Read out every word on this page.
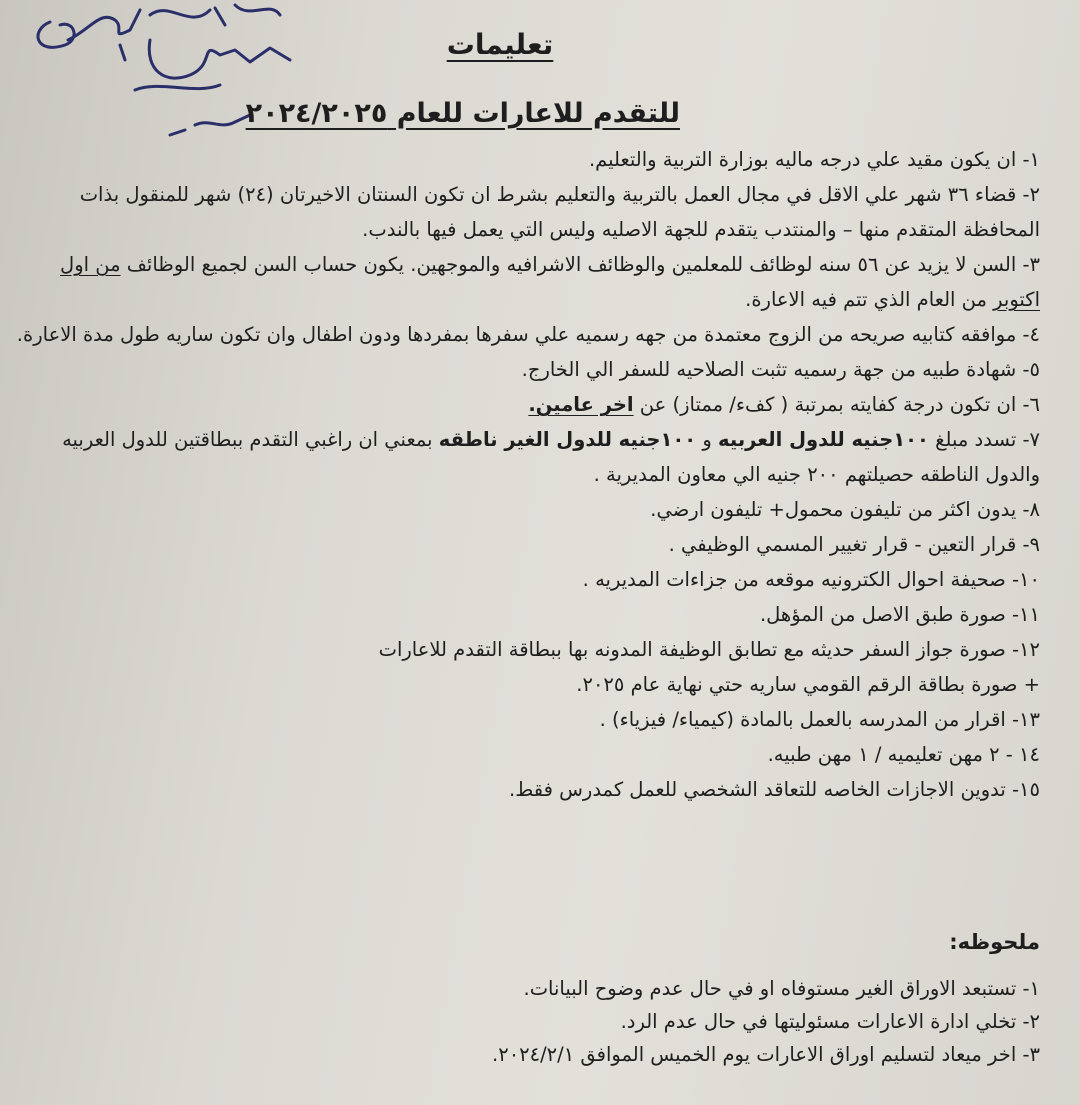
تعليمات
للتقدم للاعارات للعام ٢٠٢٤/٢٠٢٥
١- ان يكون مقيد علي درجه ماليه بوزارة التربية والتعليم.
٢- قضاء ٣٦ شهر علي الاقل في مجال العمل بالتربية والتعليم بشرط ان تكون السنتان الاخيرتان (٢٤) شهر للمنقول بذات المحافظة المتقدم منها – والمنتدب يتقدم للجهة الاصليه وليس التي يعمل فيها بالندب.
٣- السن لا يزيد عن ٥٦ سنه لوظائف للمعلمين والوظائف الاشرافيه والموجهين. يكون حساب السن لجميع الوظائف من اول اكتوبر من العام الذي تتم فيه الاعارة.
٤- موافقه كتابيه صريحه من الزوج معتمدة من جهه رسميه علي سفرها بمفردها ودون اطفال وان تكون ساريه طول مدة الاعارة.
٥- شهادة طبيه من جهة رسميه تثبت الصلاحيه للسفر الي الخارج.
٦- ان تكون درجة كفايته بمرتبة ( كفء/ ممتاز) عن اخر عامين.
٧- تسدد مبلغ ١٠٠جنيه للدول العربيه و ١٠٠جنيه للدول الغير ناطقه بمعني ان راغبي التقدم ببطاقتين للدول العربيه والدول الناطقه حصيلتهم ٢٠٠ جنيه الي معاون المديرية .
٨- يدون اكثر من تليفون محمول+ تليفون ارضي.
٩- قرار التعين - قرار تغيير المسمي الوظيفي .
١٠- صحيفة احوال الكترونيه موقعه من جزاءات المديريه .
١١- صورة طبق الاصل من المؤهل.
١٢- صورة جواز السفر حديثه مع تطابق الوظيفة المدونه بها ببطاقة التقدم للاعارات
+ صورة بطاقة الرقم القومي ساريه حتي نهاية عام ٢٠٢٥.
١٣- اقرار من المدرسه بالعمل بالمادة (كيمياء/ فيزياء) .
١٤ - ٢ مهن تعليميه / ١ مهن طبيه.
١٥- تدوين الاجازات الخاصه للتعاقد الشخصي للعمل كمدرس فقط.
ملحوظه:
١- تستبعد الاوراق الغير مستوفاه او في حال عدم وضوح البيانات.
٢- تخلي ادارة الاعارات مسئوليتها في حال عدم الرد.
٣- اخر ميعاد لتسليم اوراق الاعارات يوم الخميس الموافق ٢٠٢٤/٢/١.
